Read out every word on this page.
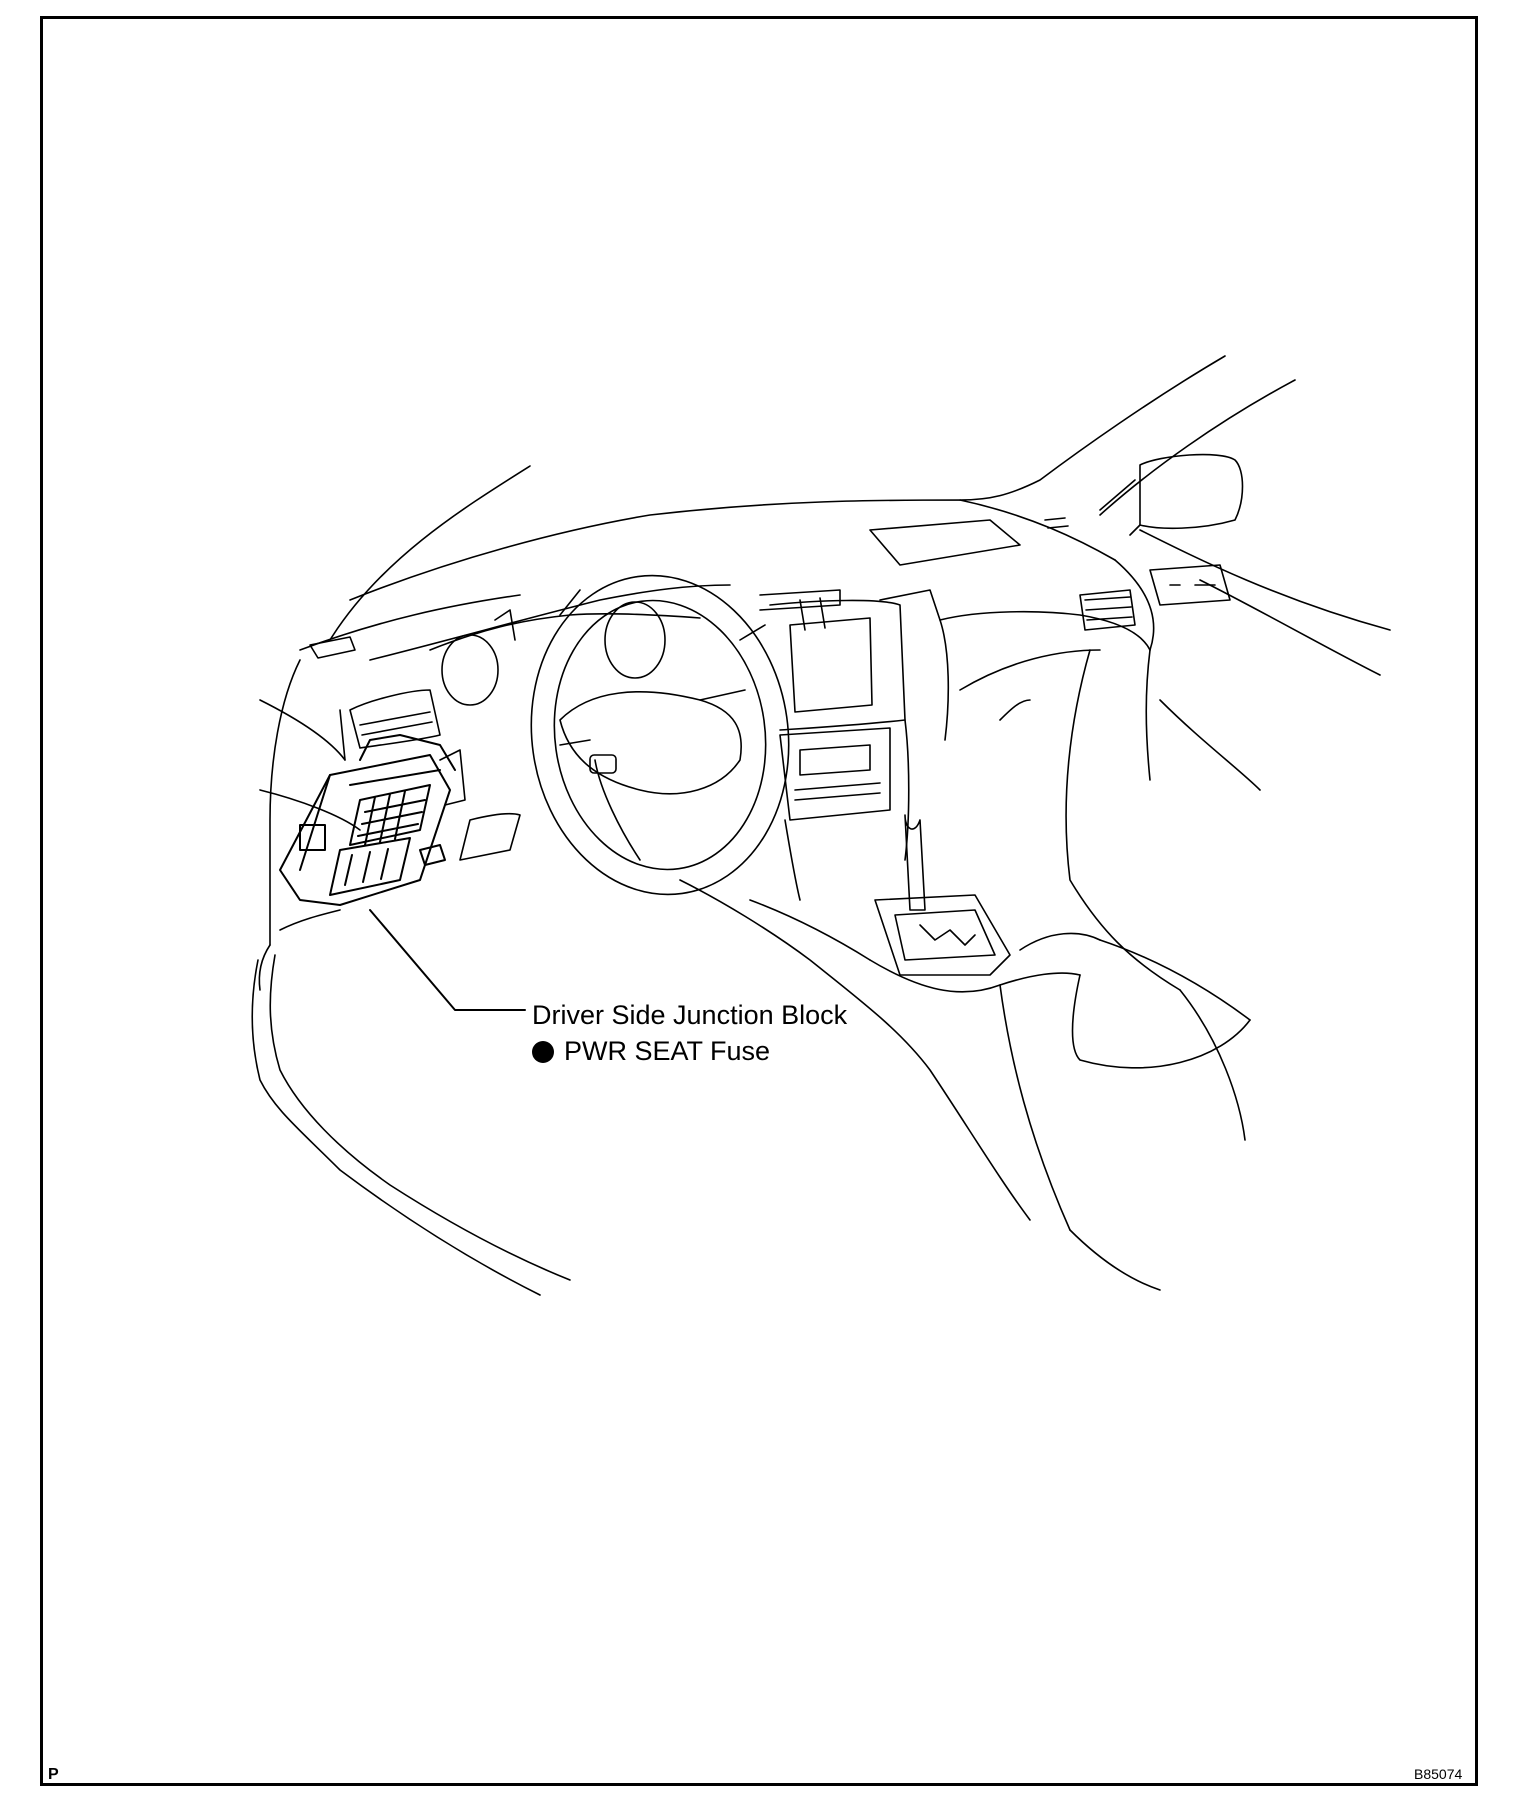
Driver Side Junction Block
PWR SEAT Fuse
P	B85074
